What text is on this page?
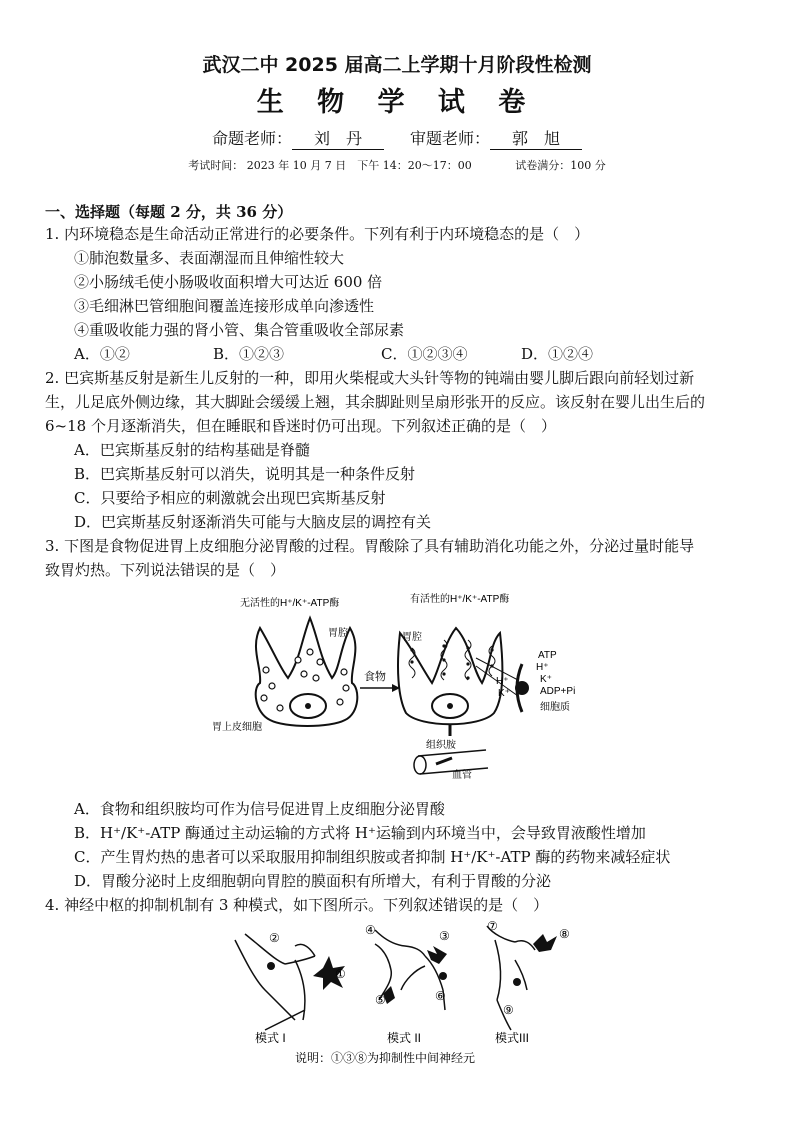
武汉二中 2025 届高二上学期十月阶段性检测
生 物 学 试 卷
命题老师： 刘　丹	审题老师： 郭　旭
考试时间： 2023 年 10 月 7 日　下午 14：20～17：00	试卷满分：100 分
一、选择题（每题 2 分，共 36 分）
1. 内环境稳态是生命活动正常进行的必要条件。下列有利于内环境稳态的是（　）
①肺泡数量多、表面潮湿而且伸缩性较大
②小肠绒毛使小肠吸收面积增大可达近 600 倍
③毛细淋巴管细胞间覆盖连接形成单向渗透性
④重吸收能力强的肾小管、集合管重吸收全部尿素
A．①②	B．①②③	C．①②③④	D．①②④
2. 巴宾斯基反射是新生儿反射的一种，即用火柴棍或大头针等物的钝端由婴儿脚后跟向前轻划过新
生，儿足底外侧边缘，其大脚趾会缓缓上翘，其余脚趾则呈扇形张开的反应。该反射在婴儿出生后的
6~18 个月逐渐消失，但在睡眠和昏迷时仍可出现。下列叙述正确的是（　）
A．巴宾斯基反射的结构基础是脊髓
B．巴宾斯基反射可以消失，说明其是一种条件反射
C．只要给予相应的刺激就会出现巴宾斯基反射
D．巴宾斯基反射逐渐消失可能与大脑皮层的调控有关
3. 下图是食物促进胃上皮细胞分泌胃酸的过程。胃酸除了具有辅助消化功能之外，分泌过量时能导
致胃灼热。下列说法错误的是（　）
无活性的H⁺/K⁺-ATP酶	有活性的H⁺/K⁺-ATP酶
胃腔
胃上皮细胞
食物
胃腔
ATP
H⁺
K⁺
H⁺
K⁺	ADP+Pi
细胞质
组织胺
血管
A．食物和组织胺均可作为信号促进胃上皮细胞分泌胃酸
B．H⁺/K⁺-ATP 酶通过主动运输的方式将 H⁺运输到内环境当中，会导致胃液酸性增加
C．产生胃灼热的患者可以采取服用抑制组织胺或者抑制 H⁺/K⁺-ATP 酶的药物来减轻症状
D．胃酸分泌时上皮细胞朝向胃腔的膜面积有所增大，有利于胃酸的分泌
4. 神经中枢的抑制机制有 3 种模式，如下图所示。下列叙述错误的是（　）
②
①
模式 I
④	③
⑤	⑥
模式 II
⑦
⑧
⑨
模式III
说明：①③⑧为抑制性中间神经元
